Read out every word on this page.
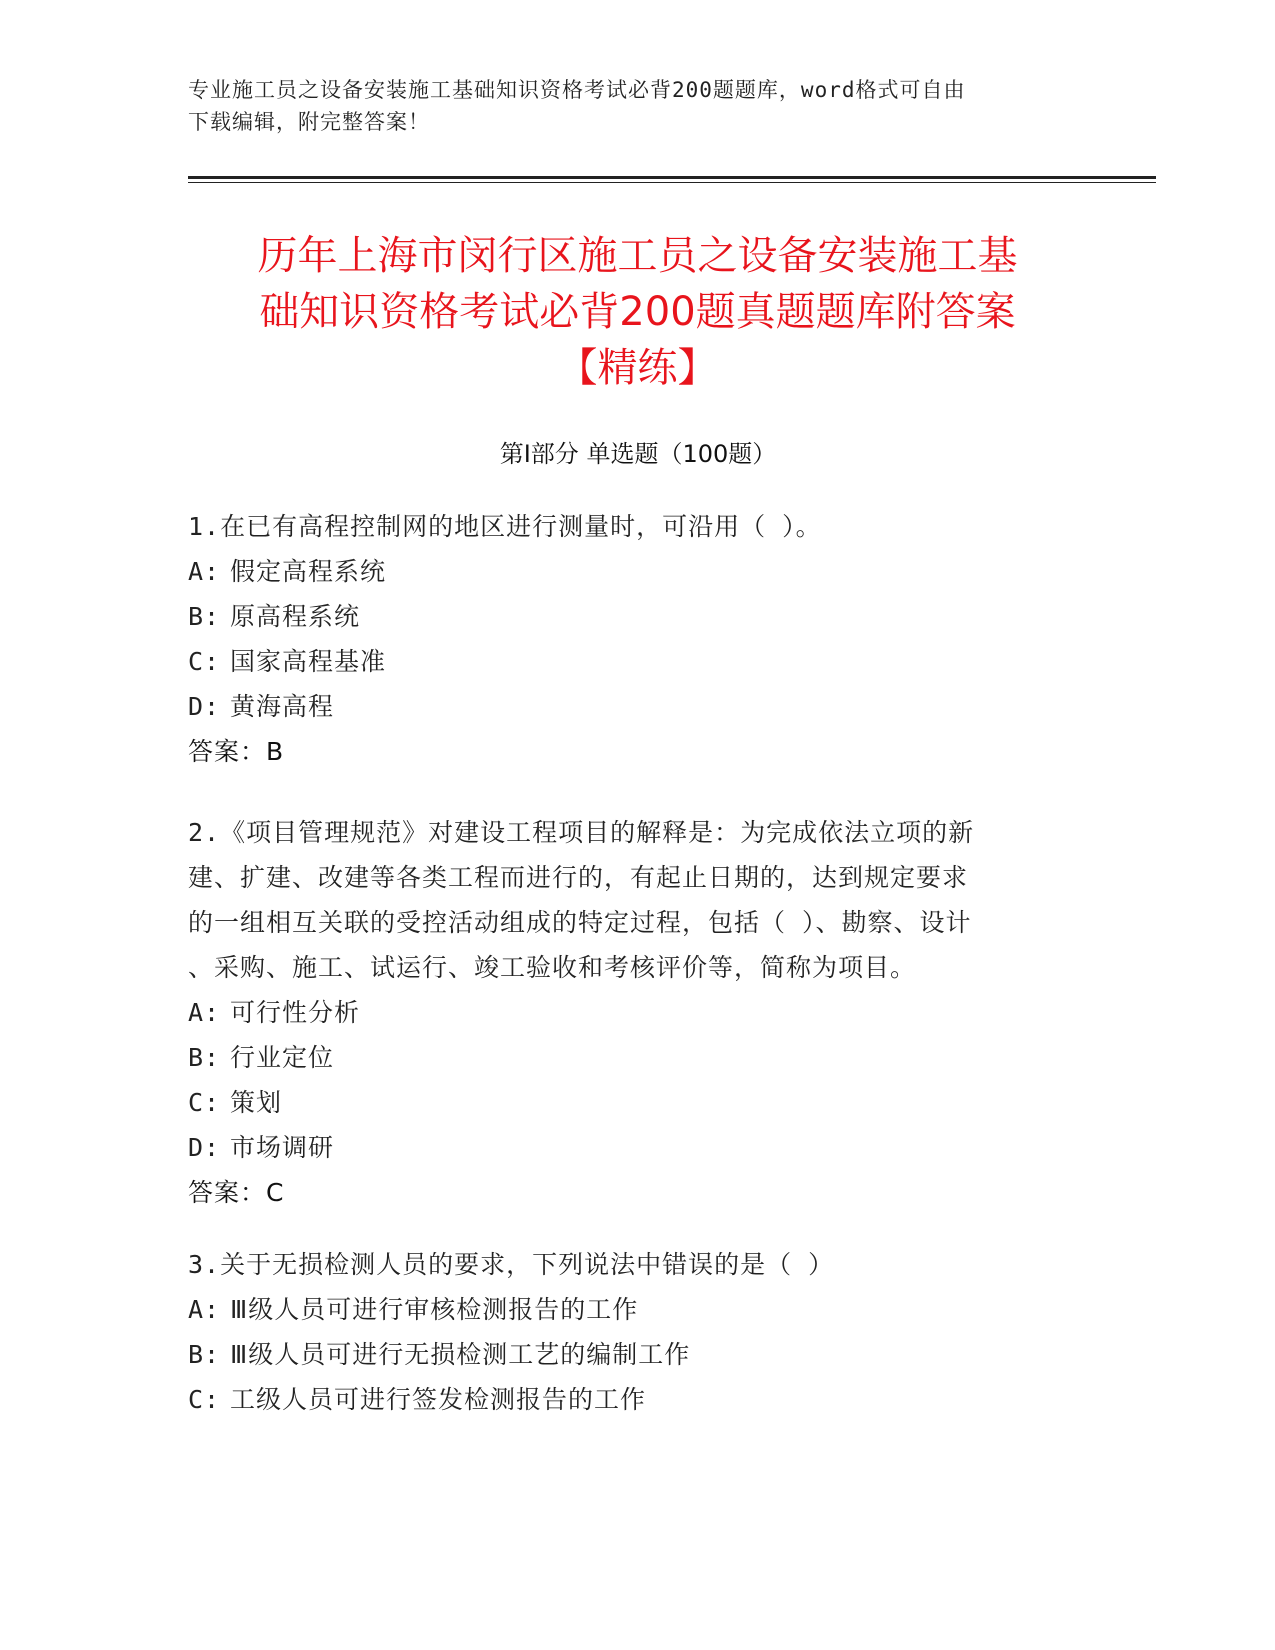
专业施工员之设备安装施工基础知识资格考试必背200题题库，word格式可自由
下载编辑，附完整答案！
历年上海市闵行区施工员之设备安装施工基
础知识资格考试必背200题真题题库附答案
【精练】
第Ⅰ部分 单选题（100题）

1.在已有高程控制网的地区进行测量时，可沿用（ ）。

A: 假定高程系统

B: 原高程系统

C: 国家高程基准

D: 黄海高程

答案：B

2.《项目管理规范》对建设工程项目的解释是：为完成依法立项的新

建、扩建、改建等各类工程而进行的，有起止日期的，达到规定要求

的一组相互关联的受控活动组成的特定过程，包括（ ）、勘察、设计

、采购、施工、试运行、竣工验收和考核评价等，简称为项目。

A: 可行性分析

B: 行业定位

C: 策划

D: 市场调研

答案：C

3.关于无损检测人员的要求，下列说法中错误的是（ ）

A: Ⅲ级人员可进行审核检测报告的工作

B: Ⅲ级人员可进行无损检测工艺的编制工作

C: 工级人员可进行签发检测报告的工作
